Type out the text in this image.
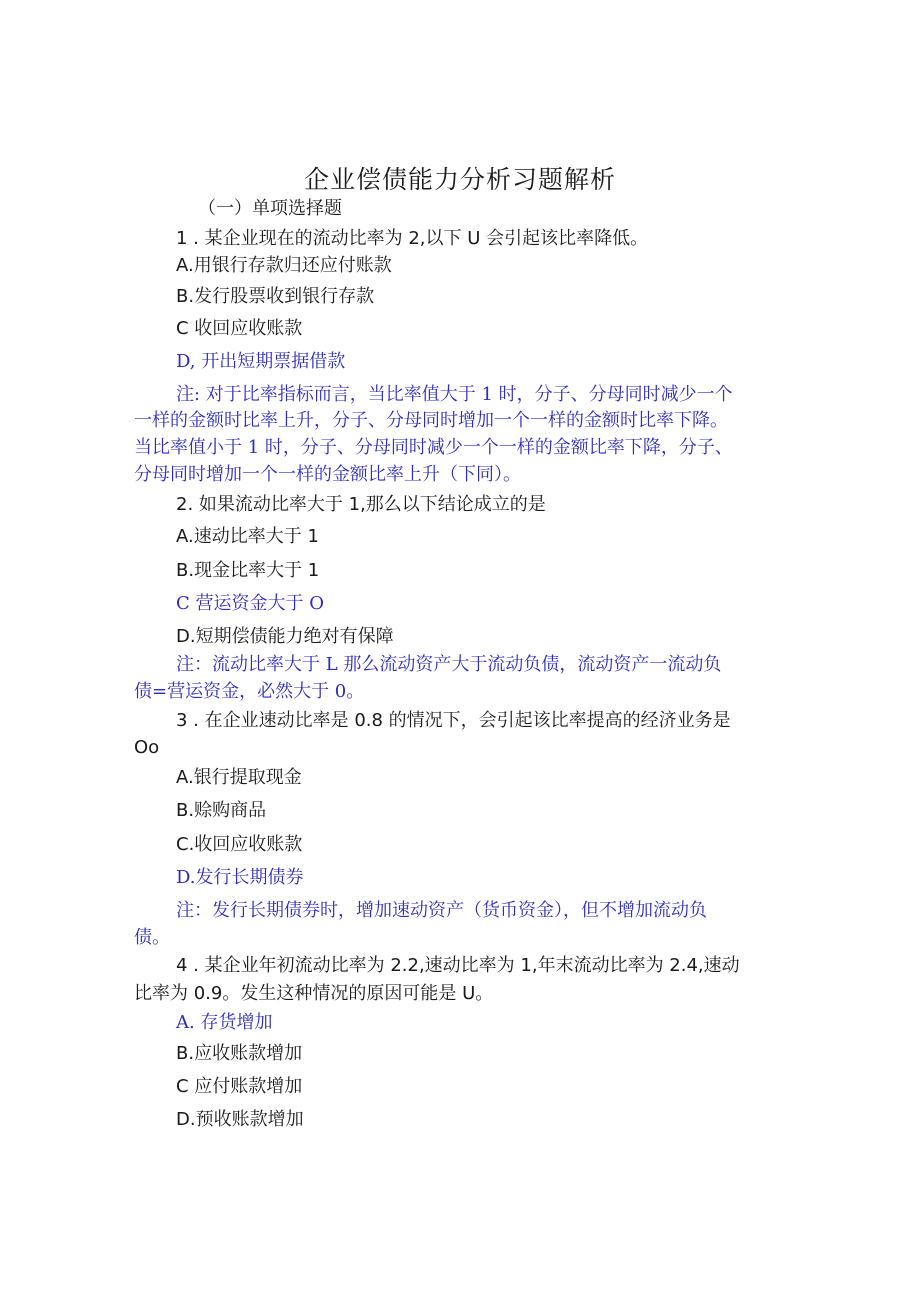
企业偿债能力分析习题解析
（一）单项选择题
1 . 某企业现在的流动比率为 2,以下 U 会引起该比率降低。
A.用银行存款归还应付账款
B.发行股票收到银行存款
C 收回应收账款
D, 开出短期票据借款
注: 对于比率指标而言，当比率值大于 1 时，分子、分母同时减少一个
一样的金额时比率上升，分子、分母同时增加一个一样的金额时比率下降。
当比率值小于 1 时，分子、分母同时减少一个一样的金额比率下降，分子、
分母同时增加一个一样的金额比率上升（下同）。
2. 如果流动比率大于 1,那么以下结论成立的是
A.速动比率大于 1
B.现金比率大于 1
C 营运资金大于 O
D.短期偿债能力绝对有保障
注：流动比率大于 L 那么流动资产大于流动负债，流动资产一流动负
债=营运资金，必然大于 0。
3 . 在企业速动比率是 0.8 的情况下，会引起该比率提高的经济业务是
Oo
A.银行提取现金
B.赊购商品
C.收回应收账款
D.发行长期债券
注：发行长期债券时，增加速动资产（货币资金），但不增加流动负
债。
4 . 某企业年初流动比率为 2.2,速动比率为 1,年末流动比率为 2.4,速动
比率为 0.9。发生这种情况的原因可能是 U。
A. 存货增加
B.应收账款增加
C 应付账款增加
D.预收账款增加
